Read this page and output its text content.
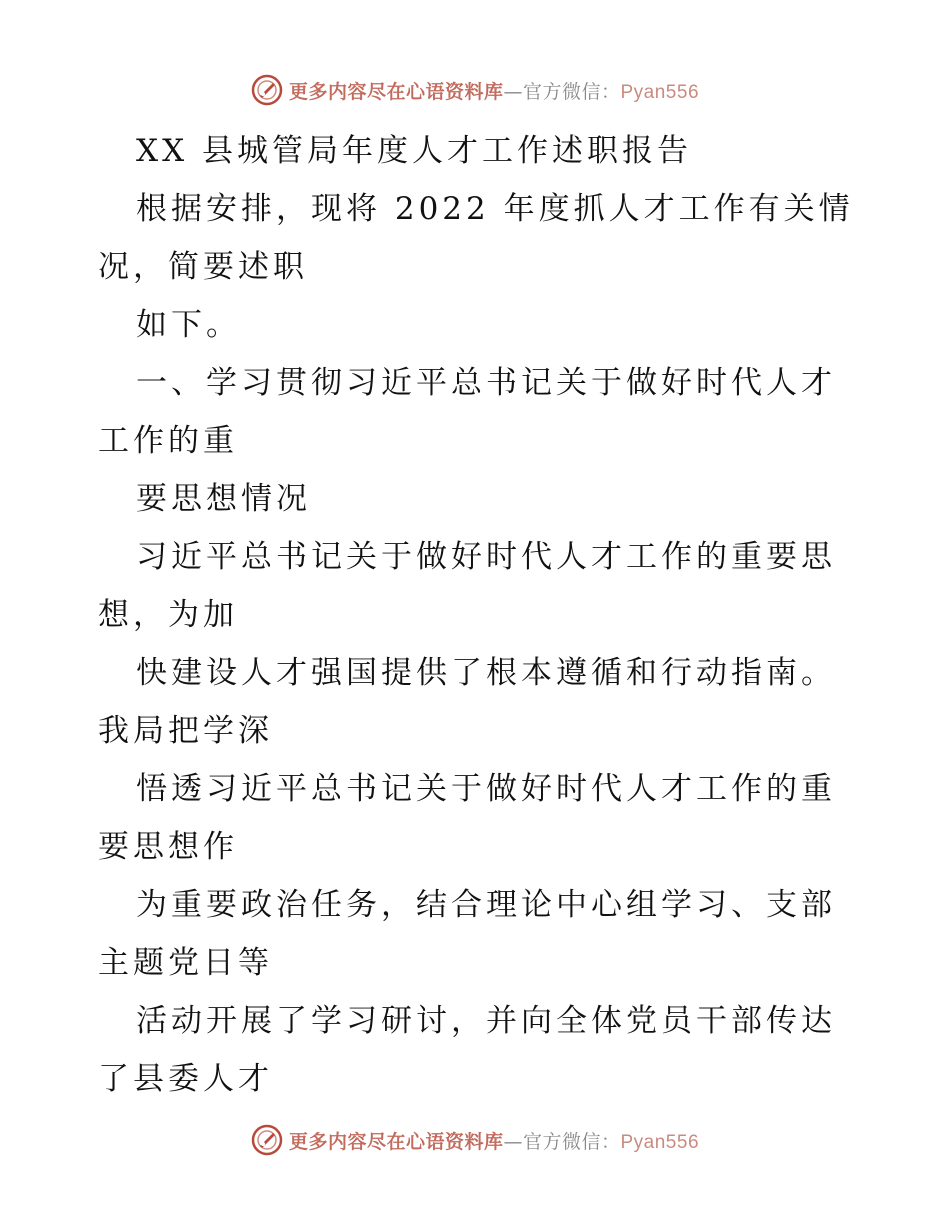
更多内容尽在心语资料库—官方微信：Pyan556

XX 县城管局年度人才工作述职报告

根据安排，现将 2022 年度抓人才工作有关情况，简要述职

如下。

一、学习贯彻习近平总书记关于做好时代人才工作的重

要思想情况

习近平总书记关于做好时代人才工作的重要思想，为加

快建设人才强国提供了根本遵循和行动指南。我局把学深

悟透习近平总书记关于做好时代人才工作的重要思想作

为重要政治任务，结合理论中心组学习、支部主题党日等

活动开展了学习研讨，并向全体党员干部传达了县委人才

更多内容尽在心语资料库—官方微信：Pyan556
